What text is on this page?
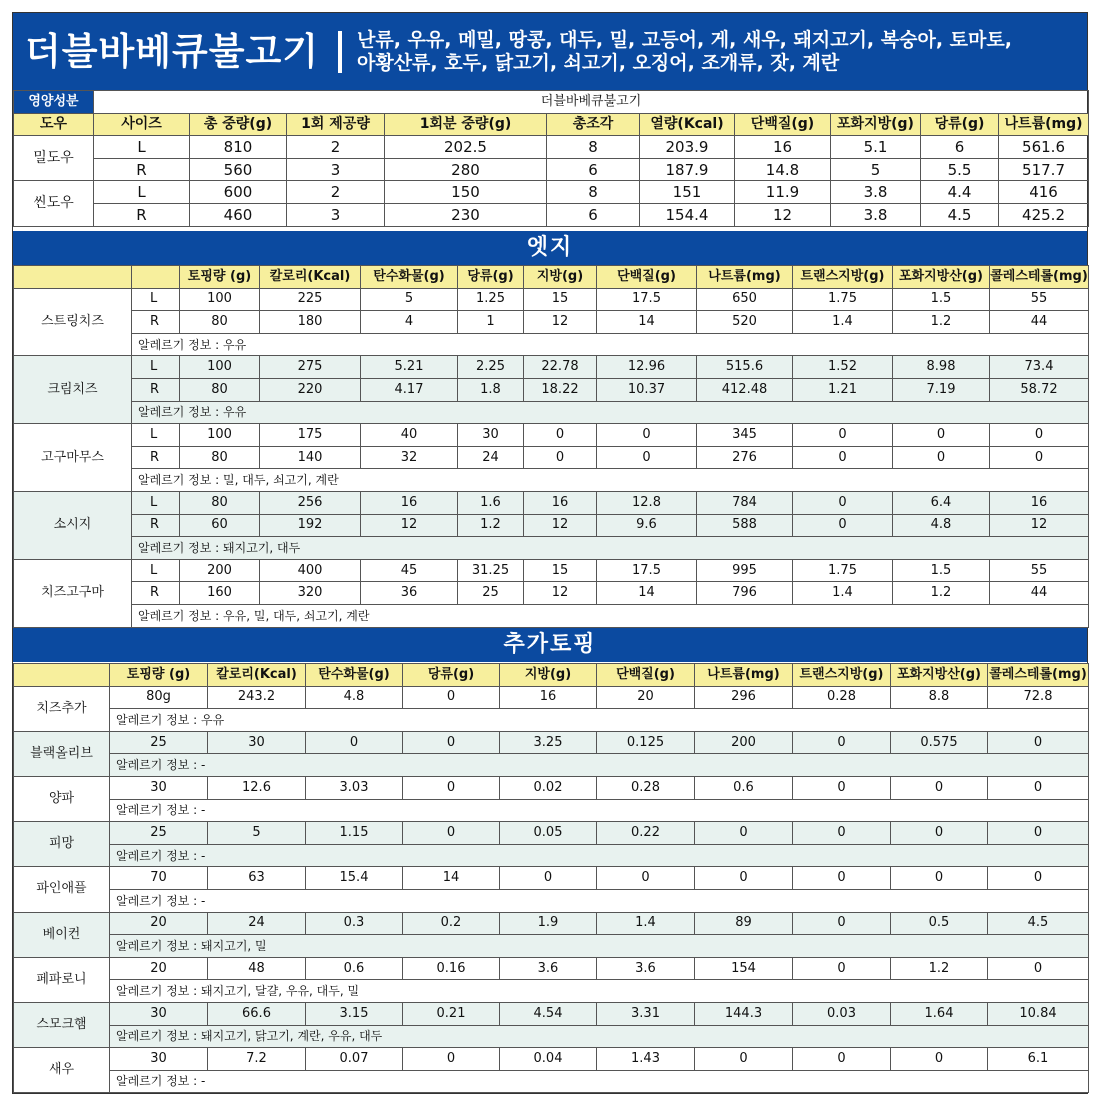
더블바베큐불고기 난류, 우유, 메밀, 땅콩, 대두, 밀, 고등어, 게, 새우, 돼지고기, 복숭아, 토마토,
아황산류, 호두, 닭고기, 쇠고기, 오징어, 조개류, 잣, 계란
영양성분	더블바베큐불고기									
도우	사이즈	총 중량(g)	1회 제공량	1회분 중량(g)	총조각	열량(Kcal)	단백질(g)	포화지방(g)	당류(g)	나트륨(mg)
밀도우	L	810	2	202.5	8	203.9	16	5.1	6	561.6
	R	560	3	280	6	187.9	14.8	5	5.5	517.7
씬도우	L	600	2	150	8	151	11.9	3.8	4.4	416
	R	460	3	230	6	154.4	12	3.8	4.5	425.2
엣지
		토핑량 (g)	칼로리(Kcal)	탄수화물(g)	당류(g)	지방(g)	단백질(g)	나트륨(mg)	트랜스지방(g)	포화지방산(g)	콜레스테롤(mg)
스트링치즈	L	100	225	5	1.25	15	17.5	650	1.75	1.5	55
	R	80	180	4	1	12	14	520	1.4	1.2	44
	알레르기 정보 : 우유										
크림치즈	L	100	275	5.21	2.25	22.78	12.96	515.6	1.52	8.98	73.4
	R	80	220	4.17	1.8	18.22	10.37	412.48	1.21	7.19	58.72
	알레르기 정보 : 우유										
고구마무스	L	100	175	40	30	0	0	345	0	0	0
	R	80	140	32	24	0	0	276	0	0	0
	알레르기 정보 : 밀, 대두, 쇠고기, 계란										
소시지	L	80	256	16	1.6	16	12.8	784	0	6.4	16
	R	60	192	12	1.2	12	9.6	588	0	4.8	12
	알레르기 정보 : 돼지고기, 대두										
치즈고구마	L	200	400	45	31.25	15	17.5	995	1.75	1.5	55
	R	160	320	36	25	12	14	796	1.4	1.2	44
	알레르기 정보 : 우유, 밀, 대두, 쇠고기, 계란										
추가토핑
	토핑량 (g)	칼로리(Kcal)	탄수화물(g)	당류(g)	지방(g)	단백질(g)	나트륨(mg)	트랜스지방(g)	포화지방산(g)	콜레스테롤(mg)
치즈추가	80g	243.2	4.8	0	16	20	296	0.28	8.8	72.8
	알레르기 정보 : 우유									
블랙올리브	25	30	0	0	3.25	0.125	200	0	0.575	0
	알레르기 정보 : -									
양파	30	12.6	3.03	0	0.02	0.28	0.6	0	0	0
	알레르기 정보 : -									
피망	25	5	1.15	0	0.05	0.22	0	0	0	0
	알레르기 정보 : -									
파인애플	70	63	15.4	14	0	0	0	0	0	0
	알레르기 정보 : -									
베이컨	20	24	0.3	0.2	1.9	1.4	89	0	0.5	4.5
	알레르기 정보 : 돼지고기, 밀									
페파로니	20	48	0.6	0.16	3.6	3.6	154	0	1.2	0
	알레르기 정보 : 돼지고기, 달걀, 우유, 대두, 밀									
스모크햄	30	66.6	3.15	0.21	4.54	3.31	144.3	0.03	1.64	10.84
	알레르기 정보 : 돼지고기, 닭고기, 계란, 우유, 대두									
새우	30	7.2	0.07	0	0.04	1.43	0	0	0	6.1
	알레르기 정보 : -									
